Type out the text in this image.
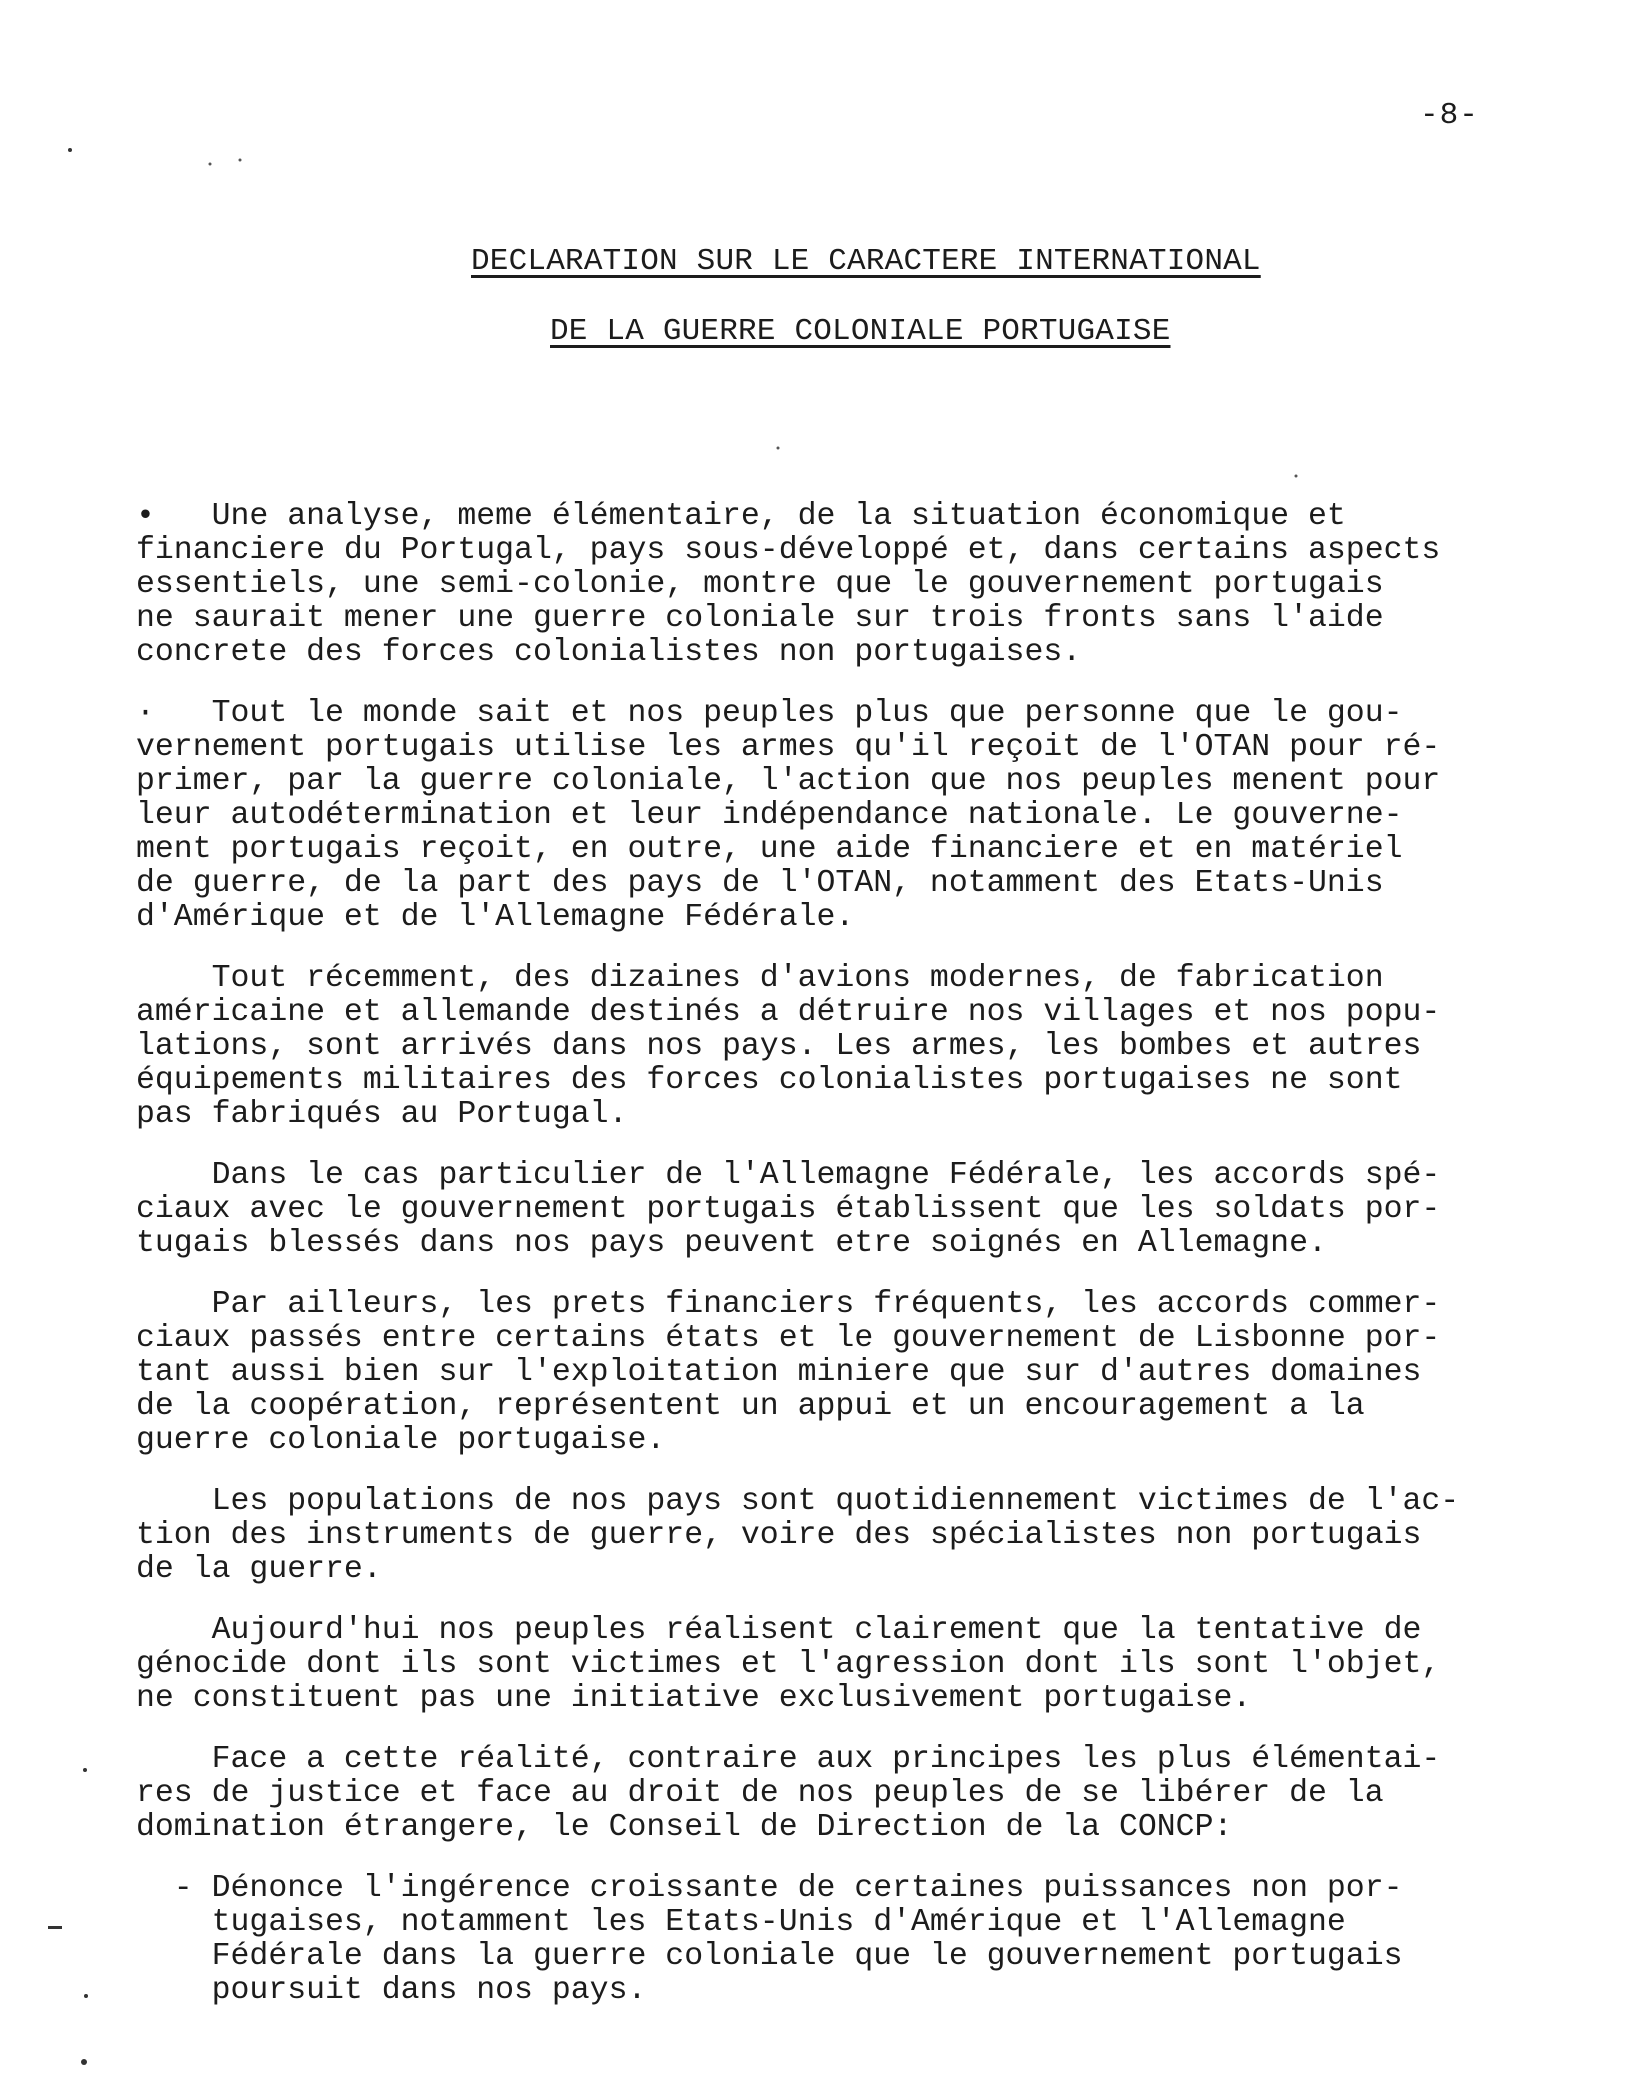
-8-
DECLARATION SUR LE CARACTERE INTERNATIONAL
DE LA GUERRE COLONIALE PORTUGAISE

•   Une analyse, meme élémentaire, de la situation économique et
financiere du Portugal, pays sous-développé et, dans certains aspects
essentiels, une semi-colonie, montre que le gouvernement portugais
ne saurait mener une guerre coloniale sur trois fronts sans l'aide
concrete des forces colonialistes non portugaises.

·   Tout le monde sait et nos peuples plus que personne que le gou-
vernement portugais utilise les armes qu'il reçoit de l'OTAN pour ré-
primer, par la guerre coloniale, l'action que nos peuples menent pour
leur autodétermination et leur indépendance nationale. Le gouverne-
ment portugais reçoit, en outre, une aide financiere et en matériel
de guerre, de la part des pays de l'OTAN, notamment des Etats-Unis
d'Amérique et de l'Allemagne Fédérale.

Tout récemment, des dizaines d'avions modernes, de fabrication
américaine et allemande destinés a détruire nos villages et nos popu-
lations, sont arrivés dans nos pays. Les armes, les bombes et autres
équipements militaires des forces colonialistes portugaises ne sont
pas fabriqués au Portugal.

Dans le cas particulier de l'Allemagne Fédérale, les accords spé-
ciaux avec le gouvernement portugais établissent que les soldats por-
tugais blessés dans nos pays peuvent etre soignés en Allemagne.

Par ailleurs, les prets financiers fréquents, les accords commer-
ciaux passés entre certains états et le gouvernement de Lisbonne por-
tant aussi bien sur l'exploitation miniere que sur d'autres domaines
de la coopération, représentent un appui et un encouragement a la
guerre coloniale portugaise.

Les populations de nos pays sont quotidiennement victimes de l'ac-
tion des instruments de guerre, voire des spécialistes non portugais
de la guerre.

Aujourd'hui nos peuples réalisent clairement que la tentative de
génocide dont ils sont victimes et l'agression dont ils sont l'objet,
ne constituent pas une initiative exclusivement portugaise.

Face a cette réalité, contraire aux principes les plus élémentai-
res de justice et face au droit de nos peuples de se libérer de la
domination étrangere, le Conseil de Direction de la CONCP:

- Dénonce l'ingérence croissante de certaines puissances non por-
tugaises, notamment les Etats-Unis d'Amérique et l'Allemagne
Fédérale dans la guerre coloniale que le gouvernement portugais
poursuit dans nos pays.
